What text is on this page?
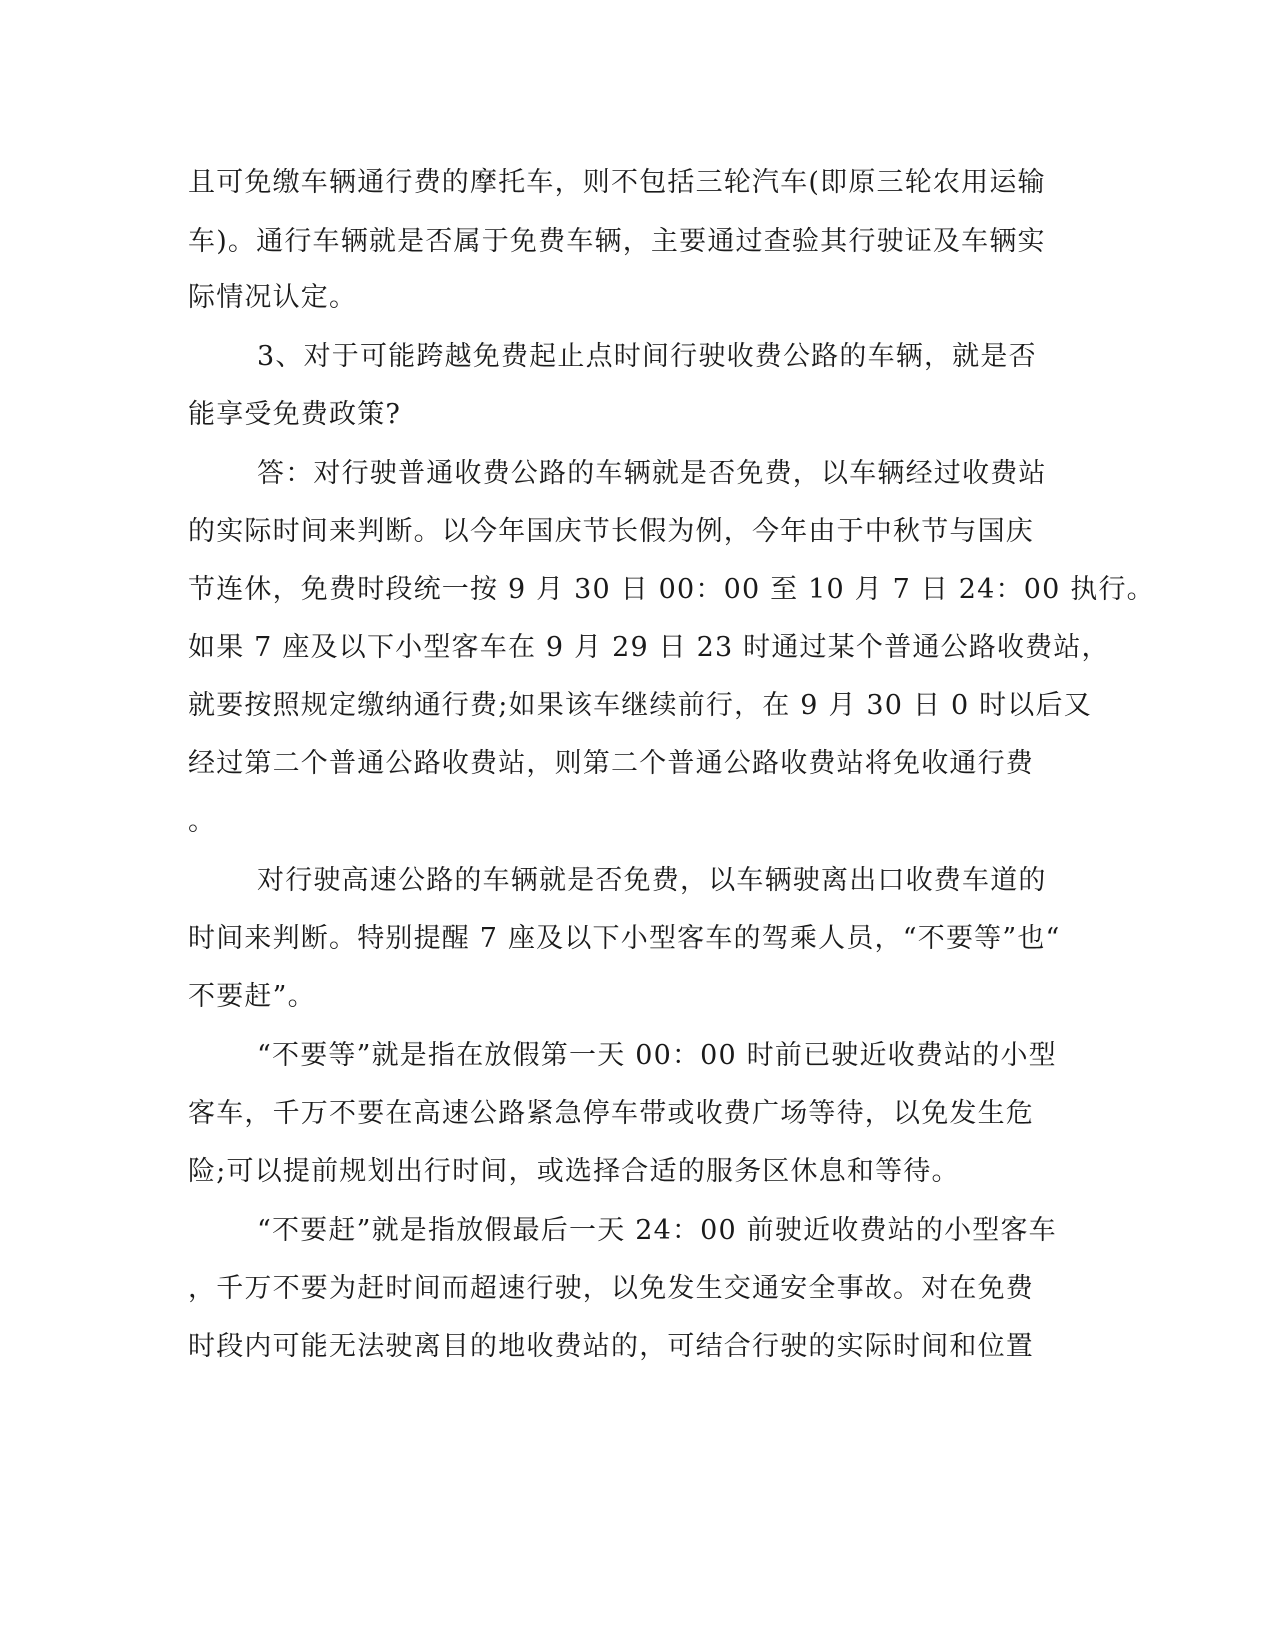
且可免缴车辆通行费的摩托车，则不包括三轮汽车(即原三轮农用运输
车)。通行车辆就是否属于免费车辆，主要通过查验其行驶证及车辆实
际情况认定。
3、对于可能跨越免费起止点时间行驶收费公路的车辆，就是否
能享受免费政策?
答：对行驶普通收费公路的车辆就是否免费，以车辆经过收费站
的实际时间来判断。以今年国庆节长假为例，今年由于中秋节与国庆
节连休，免费时段统一按 9 月 30 日 00：00 至 10 月 7 日 24：00 执行。
如果 7 座及以下小型客车在 9 月 29 日 23 时通过某个普通公路收费站，
就要按照规定缴纳通行费;如果该车继续前行，在 9 月 30 日 0 时以后又
经过第二个普通公路收费站，则第二个普通公路收费站将免收通行费
。
对行驶高速公路的车辆就是否免费，以车辆驶离出口收费车道的
时间来判断。特别提醒 7 座及以下小型客车的驾乘人员，“不要等”也“
不要赶”。
“不要等”就是指在放假第一天 00：00 时前已驶近收费站的小型
客车，千万不要在高速公路紧急停车带或收费广场等待，以免发生危
险;可以提前规划出行时间，或选择合适的服务区休息和等待。
“不要赶”就是指放假最后一天 24：00 前驶近收费站的小型客车
，千万不要为赶时间而超速行驶，以免发生交通安全事故。对在免费
时段内可能无法驶离目的地收费站的，可结合行驶的实际时间和位置
